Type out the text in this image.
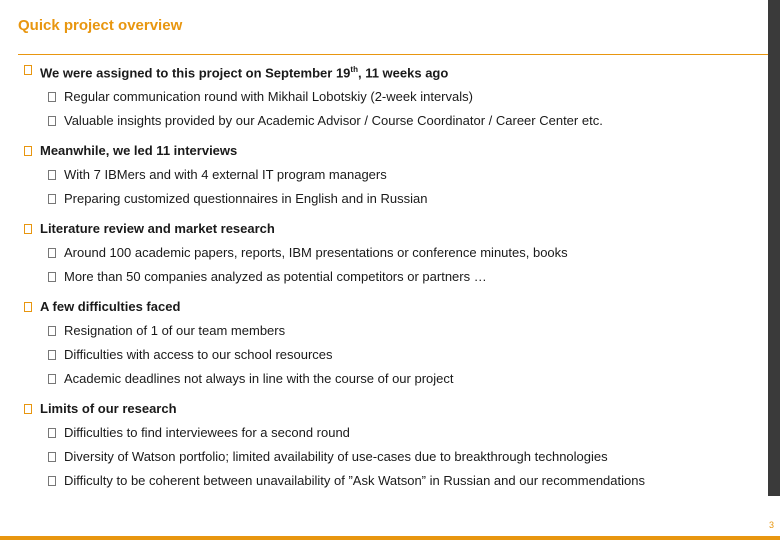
Quick project overview
We were assigned to this project on September 19th, 11 weeks ago
Regular communication round with Mikhail Lobotskiy (2-week intervals)
Valuable insights provided by our Academic Advisor / Course Coordinator / Career Center etc.
Meanwhile, we led 11 interviews
With 7 IBMers and with 4 external IT program managers
Preparing customized questionnaires in English and in Russian
Literature review and market research
Around 100 academic papers, reports, IBM presentations or conference minutes, books
More than 50 companies analyzed as potential competitors or partners …
A few difficulties faced
Resignation of 1 of our team members
Difficulties with access to our school resources
Academic deadlines not always in line with the course of our project
Limits of our research
Difficulties to find interviewees for a second round
Diversity of Watson portfolio; limited availability of use-cases due to breakthrough technologies
Difficulty to be coherent between unavailability of ”Ask Watson” in Russian and our recommendations
3
